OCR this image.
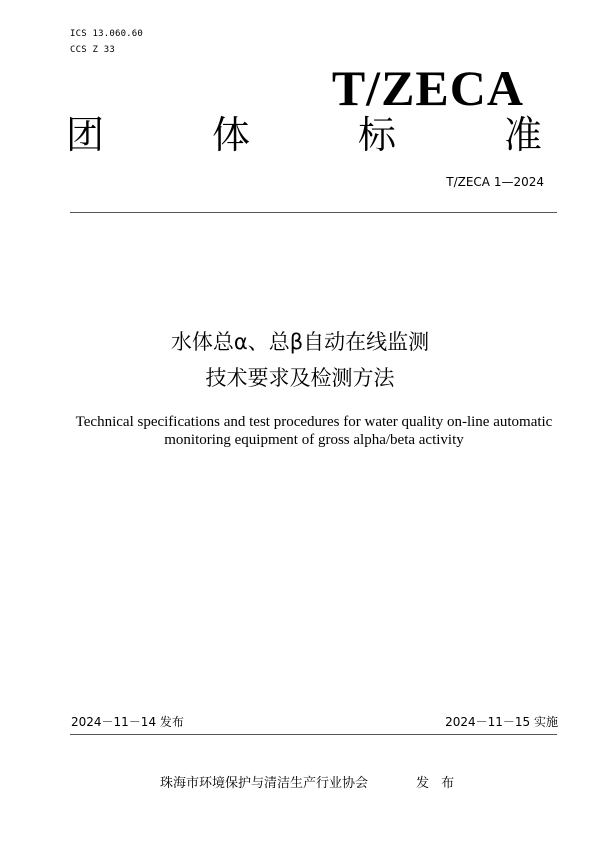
ICS 13.060.60
CCS Z 33
T/ZECA
团	体	标	准
T/ZECA 1—2024
水体总α、总β自动在线监测
技术要求及检测方法
Technical specifications and test procedures for water quality on-line automatic
monitoring equipment of gross alpha/beta activity
2024－11－14 发布	2024－11－15 实施
珠海市环境保护与清洁生产行业协会	发 布
